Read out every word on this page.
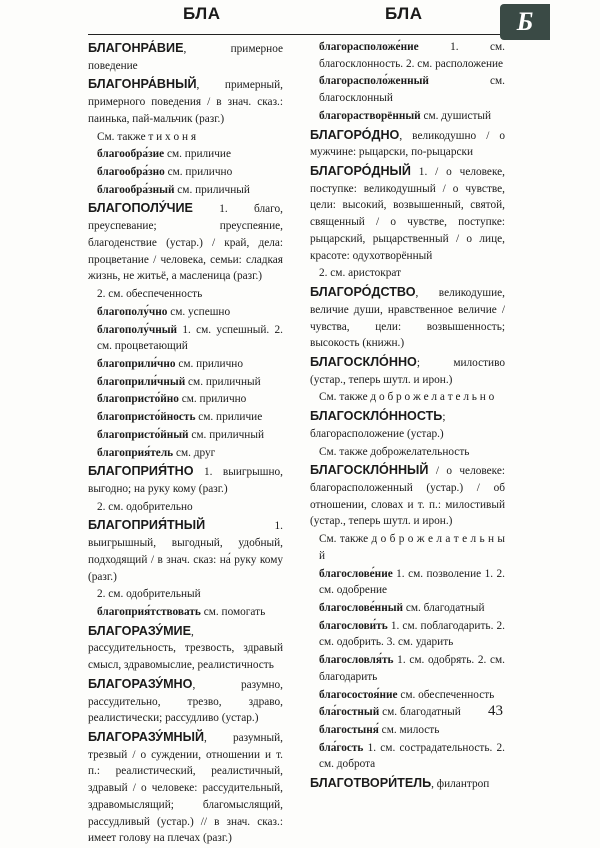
БЛА	БЛА	Б
БЛАГОНРА́ВИЕ, примерное поведение
БЛАГОНРА́ВНЫЙ, примерный, примерного поведения / в знач. сказ.: паинька, пай-мальчик (разг.)
См. также т и х о н я
благообра́зие см. приличие
благообра́зно см. прилично
благообра́зный см. приличный
БЛАГОПОЛУ́ЧИЕ 1. благо, преуспевание; преуспеяние, благоденствие (устар.) / край, дела: процветание / человека, семьи: сладкая жизнь, не житьё, а масленица (разг.)
2. см. обеспеченность
благополу́чно см. успешно
благополу́чный 1. см. успешный. 2. см. процветающий
благоприли́чно см. прилично
благоприли́чный см. приличный
благопристо́йно см. прилично
благопристо́йность см. приличие
благопристо́йный см. приличный
благоприя́тель см. друг
БЛАГОПРИЯ́ТНО 1. выигрышно, выгодно; на руку кому (разг.)
2. см. одобрительно
БЛАГОПРИЯ́ТНЫЙ 1. выигрышный, выгодный, удобный, подходящий / в знач. сказ: на́ руку кому (разг.)
2. см. одобрительный
благоприя́тствовать см. помогать
БЛАГОРАЗУ́МИЕ, рассудительность, трезвость, здравый смысл, здравомыслие, реалистичность
БЛАГОРАЗУ́МНО, разумно, рассудительно, трезво, здраво, реалистически; рассудливо (устар.)
БЛАГОРАЗУ́МНЫЙ, разумный, трезвый / о суждении, отношении и т. п.: реалистический, реалистичный, здравый / о человеке: рассудительный, здравомыслящий; благомыслящий, рассудливый (устар.) // в знач. сказ.: имеет голову на плечах (разг.)
благорасположе́ние 1. см. благосклонность. 2. см. расположение
благорасполо́женный см. благосклонный
благорастворённый см. душистый
БЛАГОРО́ДНО, великодушно / о мужчине: рыцарски, по-рыцарски
БЛАГОРО́ДНЫЙ 1. / о человеке, поступке: великодушный / о чувстве, цели: высокий, возвышенный, святой, священный / о чувстве, поступке: рыцарский, рыцарственный / о лице, красоте: одухотворённый
2. см. аристократ
БЛАГОРО́ДСТВО, великодушие, величие души, нравственное величие / чувства, цели: возвышенность; высокость (книжн.)
БЛАГОСКЛО́ННО; милостиво (устар., теперь шутл. и ирон.)
См. также д о б р о ж е л а т е л ь н о
БЛАГОСКЛО́ННОСТЬ; благорасположение (устар.)
См. также доброжелательность
БЛАГОСКЛО́ННЫЙ / о человеке: благорасположенный (устар.) / об отношении, словах и т. п.: милостивый (устар., теперь шутл. и ирон.)
См. также д о б р о ж е л а т е л ь н ы й
благослове́ние 1. см. позволение 1. 2. см. одобрение
благослове́нный см. благодатный
благослови́ть 1. см. поблагодарить. 2. см. одобрить. 3. см. ударить
благословля́ть 1. см. одобрять. 2. см. благодарить
благосостоя́ние см. обеспеченность
бла́гостный см. благодатный
благостыня́ см. милость
бла́гость 1. см. сострадательность. 2. см. доброта
БЛАГОТВОРИ́ТЕЛЬ, филантроп
43
